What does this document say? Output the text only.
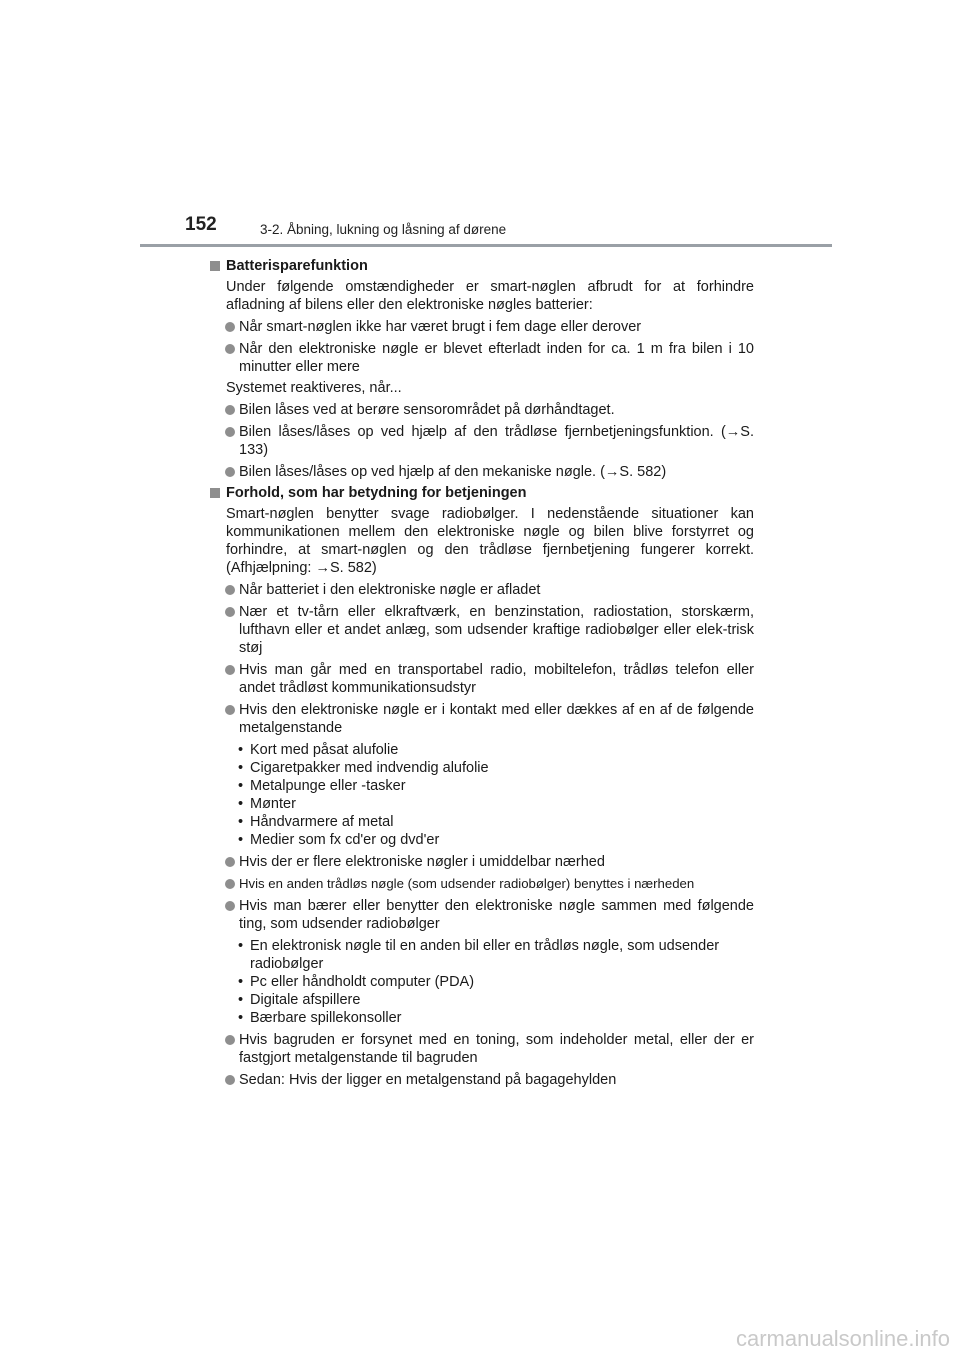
152	3-2. Åbning, lukning og låsning af dørene
Batterisparefunktion
Under følgende omstændigheder er smart-nøglen afbrudt for at forhindre afladning af bilens eller den elektroniske nøgles batterier:
Når smart-nøglen ikke har været brugt i fem dage eller derover
Når den elektroniske nøgle er blevet efterladt inden for ca. 1 m fra bilen i 10 minutter eller mere
Systemet reaktiveres, når...
Bilen låses ved at berøre sensorområdet på dørhåndtaget.
Bilen låses/låses op ved hjælp af den trådløse fjernbetjeningsfunktion. (→S. 133)
Bilen låses/låses op ved hjælp af den mekaniske nøgle. (→S. 582)
Forhold, som har betydning for betjeningen
Smart-nøglen benytter svage radiobølger. I nedenstående situationer kan kommunikationen mellem den elektroniske nøgle og bilen blive forstyrret og forhindre, at smart-nøglen og den trådløse fjernbetjening fungerer korrekt. (Afhjælpning: →S. 582)
Når batteriet i den elektroniske nøgle er afladet
Nær et tv-tårn eller elkraftværk, en benzinstation, radiostation, storskærm, lufthavn eller et andet anlæg, som udsender kraftige radiobølger eller elek-trisk støj
Hvis man går med en transportabel radio, mobiltelefon, trådløs telefon eller andet trådløst kommunikationsudstyr
Hvis den elektroniske nøgle er i kontakt med eller dækkes af en af de følgende metalgenstande
• Kort med påsat alufolie
• Cigaretpakker med indvendig alufolie
• Metalpunge eller -tasker
• Mønter
• Håndvarmere af metal
• Medier som fx cd'er og dvd'er
Hvis der er flere elektroniske nøgler i umiddelbar nærhed
Hvis en anden trådløs nøgle (som udsender radiobølger) benyttes i nærheden
Hvis man bærer eller benytter den elektroniske nøgle sammen med følgende ting, som udsender radiobølger
• En elektronisk nøgle til en anden bil eller en trådløs nøgle, som udsender radiobølger
• Pc eller håndholdt computer (PDA)
• Digitale afspillere
• Bærbare spillekonsoller
Hvis bagruden er forsynet med en toning, som indeholder metal, eller der er fastgjort metalgenstande til bagruden
Sedan: Hvis der ligger en metalgenstand på bagagehylden
carmanualsonline.info
